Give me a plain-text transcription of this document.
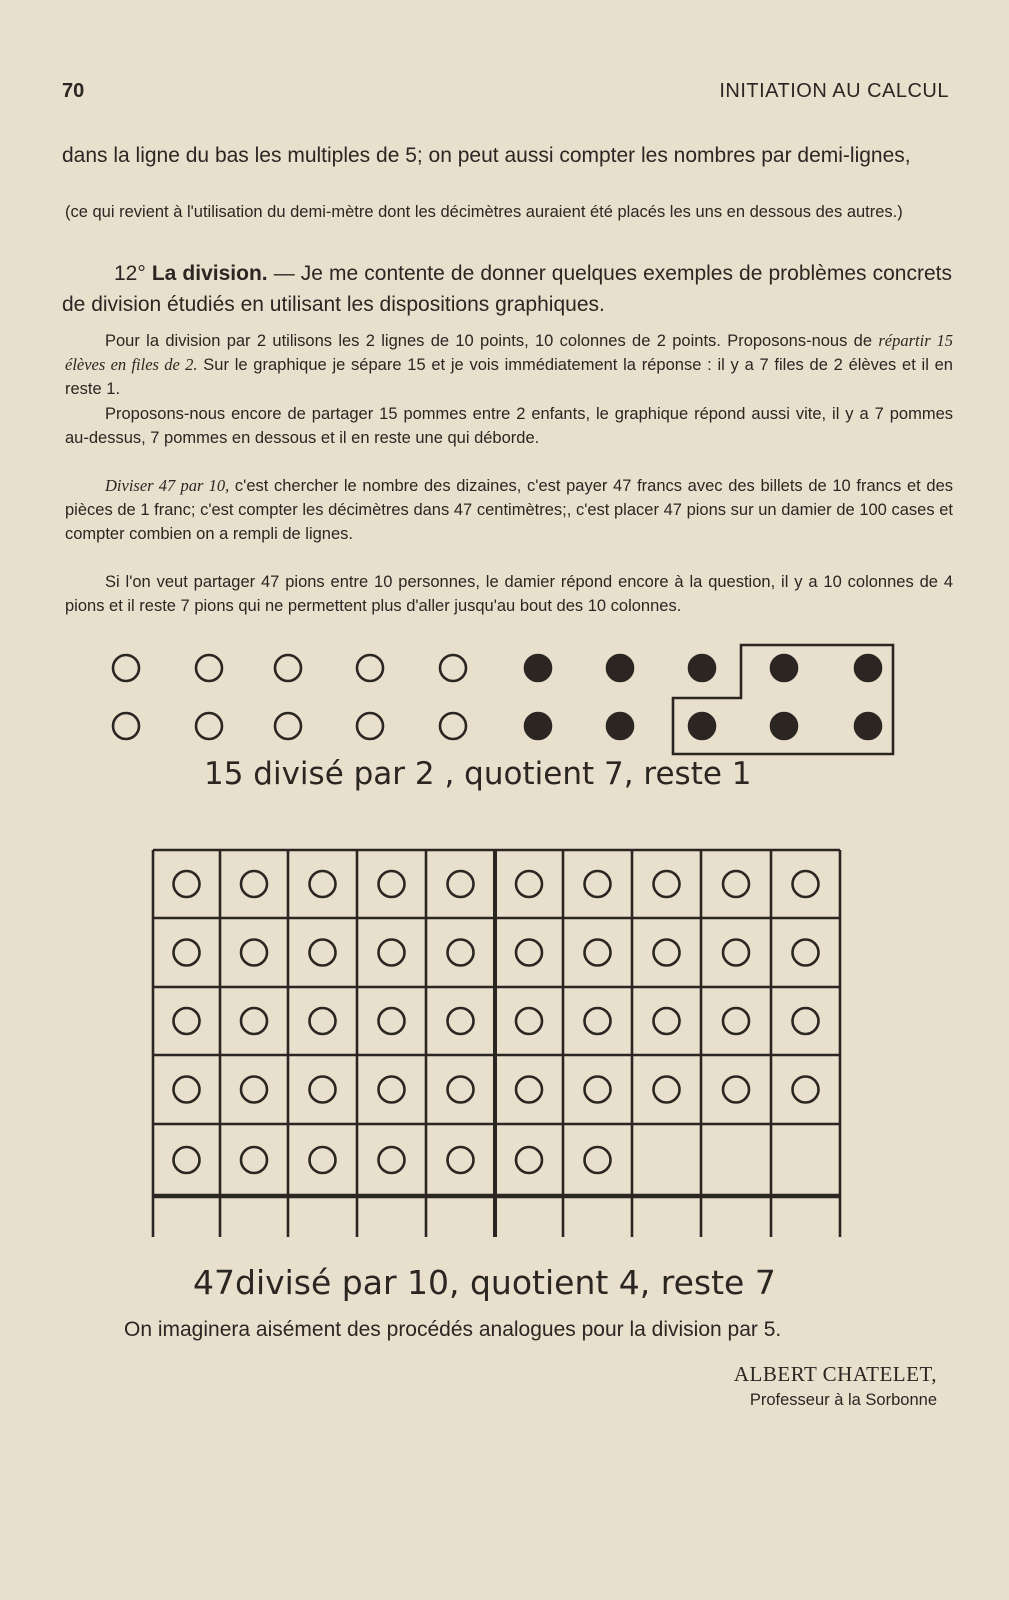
70	INITIATION AU CALCUL

dans la ligne du bas les multiples de 5; on peut aussi compter les nombres par demi-lignes,

(ce qui revient à l'utilisation du demi-mètre dont les décimètres auraient été placés les uns en dessous des autres.)

12° La division. — Je me contente de donner quelques exemples de problèmes concrets de division étudiés en utilisant les dispositions graphiques.

Pour la division par 2 utilisons les 2 lignes de 10 points, 10 colonnes de 2 points. Proposons-nous de répartir 15 élèves en files de 2. Sur le graphique je sépare 15 et je vois immédiatement la réponse : il y a 7 files de 2 élèves et il en reste 1.

Proposons-nous encore de partager 15 pommes entre 2 enfants, le graphique répond aussi vite, il y a 7 pommes au-dessus, 7 pommes en dessous et il en reste une qui déborde.

Diviser 47 par 10, c'est chercher le nombre des dizaines, c'est payer 47 francs avec des billets de 10 francs et des pièces de 1 franc; c'est compter les décimètres dans 47 centimètres;, c'est placer 47 pions sur un damier de 100 cases et compter combien on a rempli de lignes.

Si l'on veut partager 47 pions entre 10 personnes, le damier répond encore à la question, il y a 10 colonnes de 4 pions et il reste 7 pions qui ne permettent plus d'aller jusqu'au bout des 10 colonnes.

15 divisé par 2 , quotient 7, reste 1
47divisé par 10, quotient 4, reste 7

On imaginera aisément des procédés analogues pour la division par 5.

ALBERT CHATELET,
Professeur à la Sorbonne
